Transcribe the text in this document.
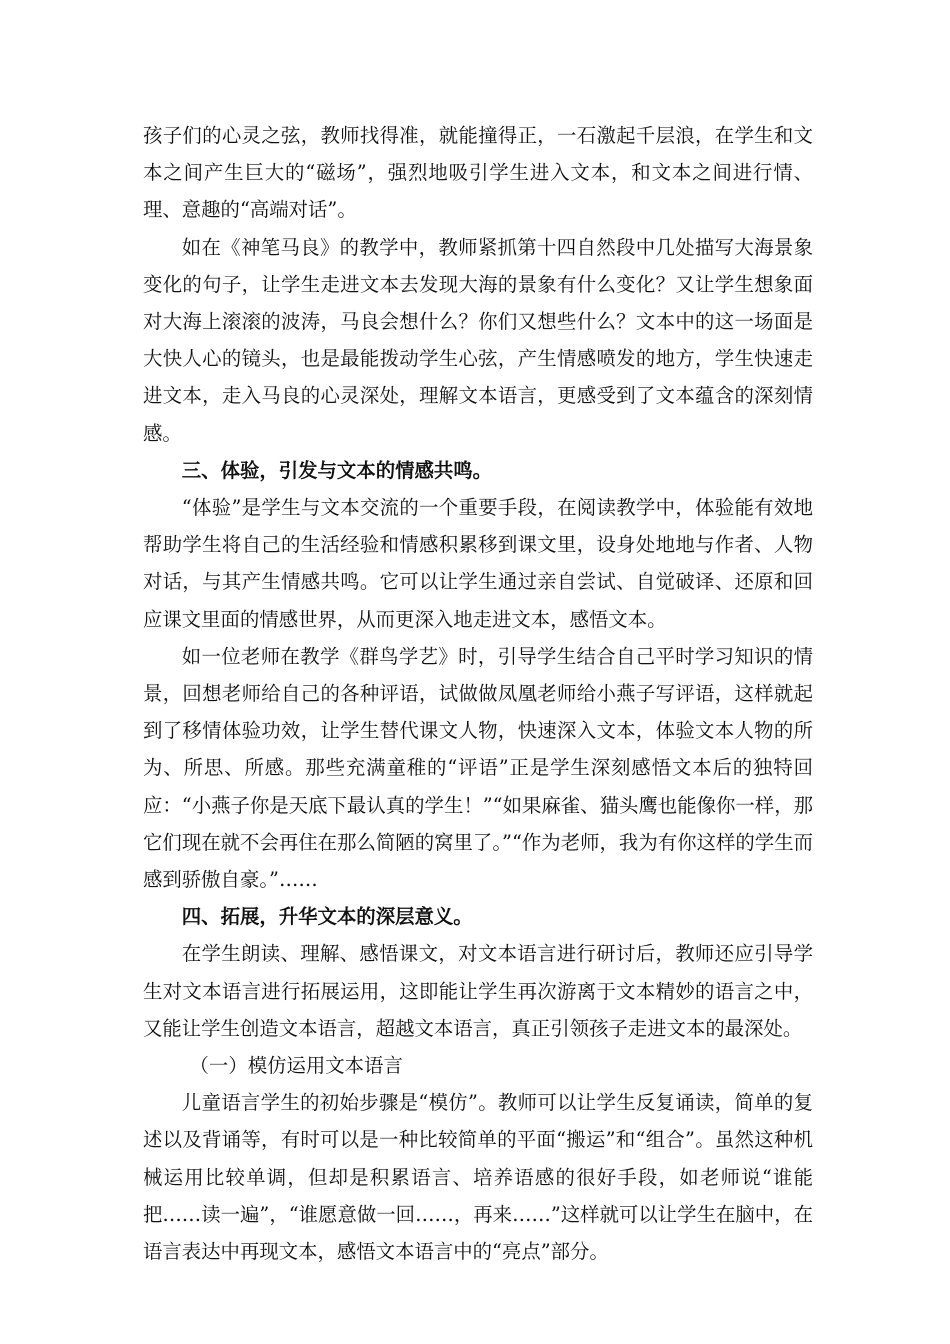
孩子们的心灵之弦，教师找得准，就能撞得正，一石激起千层浪，在学生和文本之间产生巨大的“磁场”，强烈地吸引学生进入文本，和文本之间进行情、理、意趣的“高端对话”。

如在《神笔马良》的教学中，教师紧抓第十四自然段中几处描写大海景象变化的句子，让学生走进文本去发现大海的景象有什么变化？又让学生想象面对大海上滚滚的波涛，马良会想什么？你们又想些什么？文本中的这一场面是大快人心的镜头，也是最能拨动学生心弦，产生情感喷发的地方，学生快速走进文本，走入马良的心灵深处，理解文本语言，更感受到了文本蕴含的深刻情感。

三、体验，引发与文本的情感共鸣。

“体验”是学生与文本交流的一个重要手段，在阅读教学中，体验能有效地帮助学生将自己的生活经验和情感积累移到课文里，设身处地地与作者、人物对话，与其产生情感共鸣。它可以让学生通过亲自尝试、自觉破译、还原和回应课文里面的情感世界，从而更深入地走进文本，感悟文本。

如一位老师在教学《群鸟学艺》时，引导学生结合自己平时学习知识的情景，回想老师给自己的各种评语，试做做凤凰老师给小燕子写评语，这样就起到了移情体验功效，让学生替代课文人物，快速深入文本，体验文本人物的所为、所思、所感。那些充满童稚的“评语”正是学生深刻感悟文本后的独特回应：“小燕子你是天底下最认真的学生！”“如果麻雀、猫头鹰也能像你一样，那它们现在就不会再住在那么简陋的窝里了。”“作为老师，我为有你这样的学生而感到骄傲自豪。”……

四、拓展，升华文本的深层意义。

在学生朗读、理解、感悟课文，对文本语言进行研讨后，教师还应引导学生对文本语言进行拓展运用，这即能让学生再次游离于文本精妙的语言之中，又能让学生创造文本语言，超越文本语言，真正引领孩子走进文本的最深处。

（一）模仿运用文本语言

儿童语言学生的初始步骤是“模仿”。教师可以让学生反复诵读，简单的复述以及背诵等，有时可以是一种比较简单的平面“搬运”和“组合”。虽然这种机械运用比较单调，但却是积累语言、培养语感的很好手段，如老师说“谁能把……读一遍”，“谁愿意做一回……，再来……”这样就可以让学生在脑中，在语言表达中再现文本，感悟文本语言中的“亮点”部分。
